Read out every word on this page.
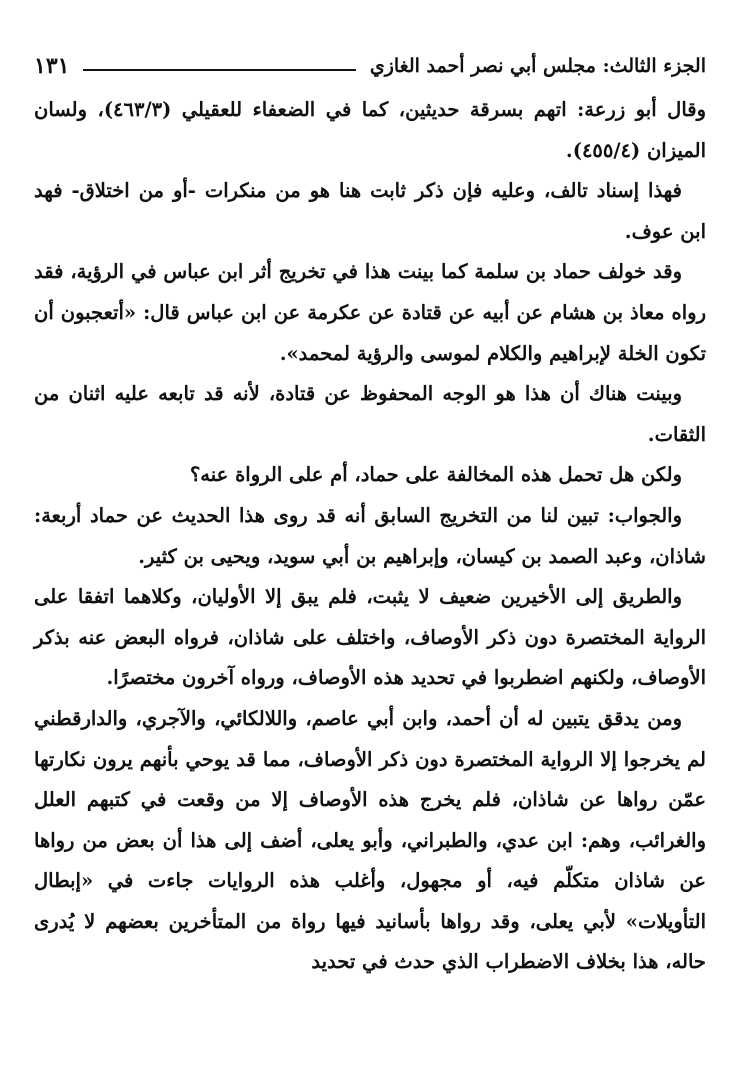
الجزء الثالث: مجلس أبي نصر أحمد الغازي
١٣١

وقال أبو زرعة: اتهم بسرقة حديثين، كما في الضعفاء للعقيلي (٤٦٣/٣)، ولسان الميزان (٤٥٥/٤).

فهذا إسناد تالف، وعليه فإن ذكر ثابت هنا هو من منكرات -أو من اختلاق- فهد ابن عوف.

وقد خولف حماد بن سلمة كما بينت هذا في تخريج أثر ابن عباس في الرؤية، فقد رواه معاذ بن هشام عن أبيه عن قتادة عن عكرمة عن ابن عباس قال: «أتعجبون أن تكون الخلة لإبراهيم والكلام لموسى والرؤية لمحمد».

وبينت هناك أن هذا هو الوجه المحفوظ عن قتادة، لأنه قد تابعه عليه اثنان من الثقات.

ولكن هل تحمل هذه المخالفة على حماد، أم على الرواة عنه؟

والجواب: تبين لنا من التخريج السابق أنه قد روى هذا الحديث عن حماد أربعة: شاذان، وعبد الصمد بن كيسان، وإبراهيم بن أبي سويد، ويحيى بن كثير.

والطريق إلى الأخيرين ضعيف لا يثبت، فلم يبق إلا الأوليان، وكلاهما اتفقا على الرواية المختصرة دون ذكر الأوصاف، واختلف على شاذان، فرواه البعض عنه بذكر الأوصاف، ولكنهم اضطربوا في تحديد هذه الأوصاف، ورواه آخرون مختصرًا.

ومن يدقق يتبين له أن أحمد، وابن أبي عاصم، واللالكائي، والآجري، والدارقطني لم يخرجوا إلا الرواية المختصرة دون ذكر الأوصاف، مما قد يوحي بأنهم يرون نكارتها عمّن رواها عن شاذان، فلم يخرج هذه الأوصاف إلا من وقعت في كتبهم العلل والغرائب، وهم: ابن عدي، والطبراني، وأبو يعلى، أضف إلى هذا أن بعض من رواها عن شاذان متكلّم فيه، أو مجهول، وأغلب هذه الروايات جاءت في «إبطال التأويلات» لأبي يعلى، وقد رواها بأسانيد فيها رواة من المتأخرين بعضهم لا يُدرى حاله، هذا بخلاف الاضطراب الذي حدث في تحديد
